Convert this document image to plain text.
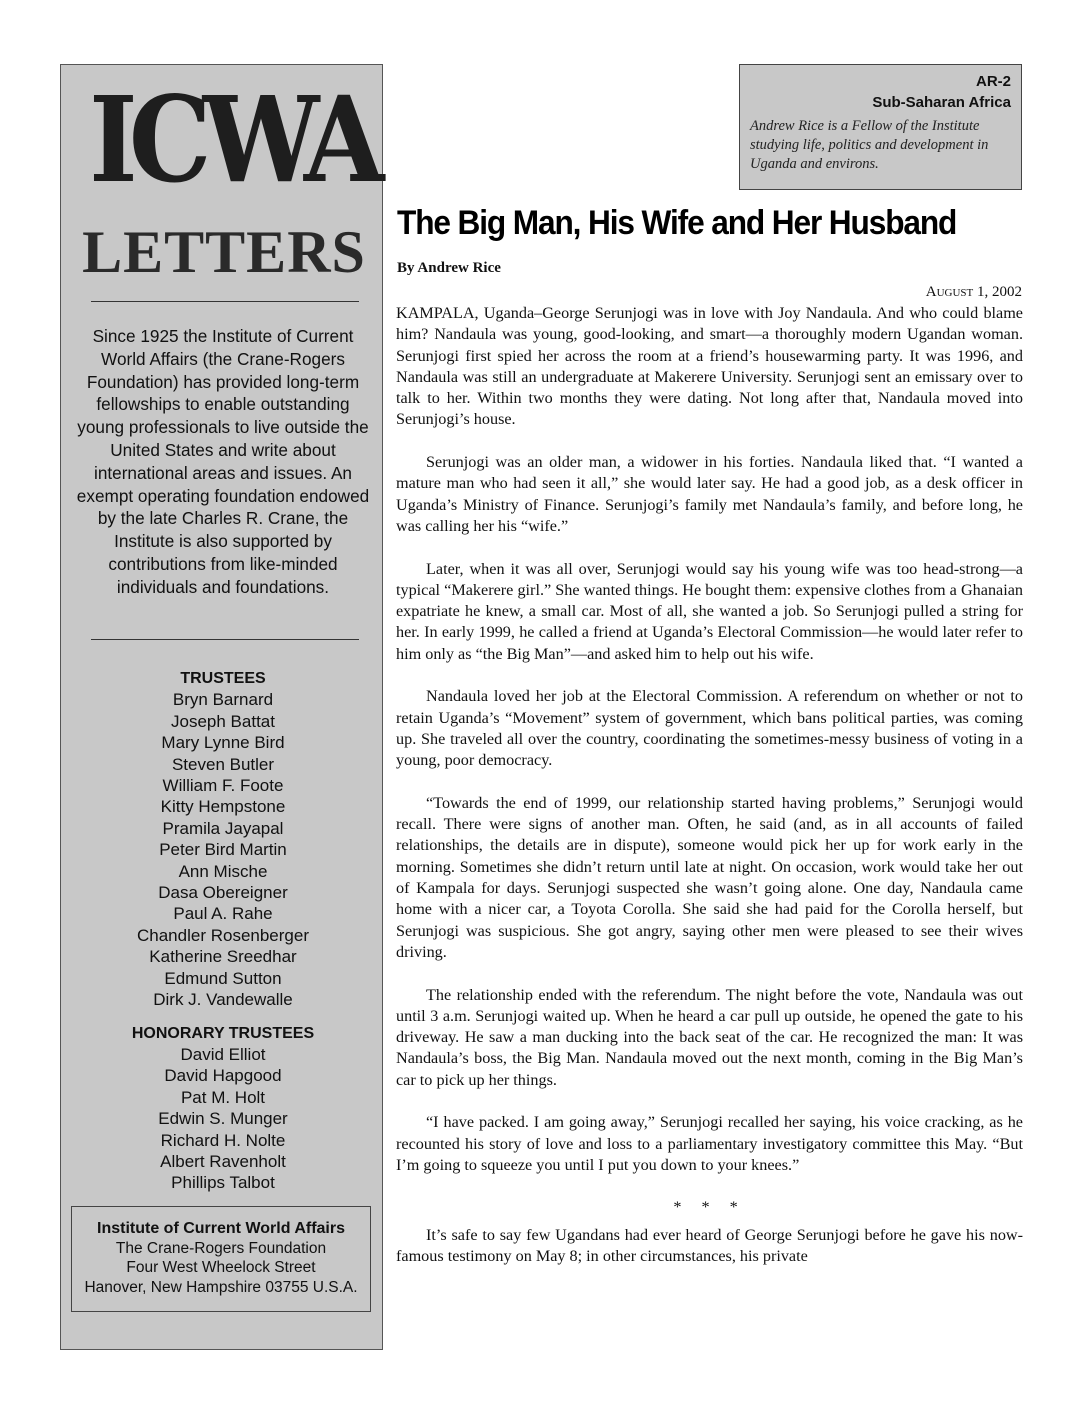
ICWA
LETTERS
Since 1925 the Institute of Current World Affairs (the Crane-Rogers Foundation) has provided long-term fellowships to enable outstanding young professionals to live outside the United States and write about international areas and issues. An exempt operating foundation endowed by the late Charles R. Crane, the Institute is also supported by contributions from like-minded individuals and foundations.
TRUSTEES
Bryn Barnard
Joseph Battat
Mary Lynne Bird
Steven Butler
William F. Foote
Kitty Hempstone
Pramila Jayapal
Peter Bird Martin
Ann Mische
Dasa Obereigner
Paul A. Rahe
Chandler Rosenberger
Katherine Sreedhar
Edmund Sutton
Dirk J. Vandewalle
HONORARY TRUSTEES
David Elliot
David Hapgood
Pat M. Holt
Edwin S. Munger
Richard H. Nolte
Albert Ravenholt
Phillips Talbot
Institute of Current World Affairs
The Crane-Rogers Foundation
Four West Wheelock Street
Hanover, New Hampshire 03755 U.S.A.
AR-2
Sub-Saharan Africa
Andrew Rice is a Fellow of the Institute studying life, politics and development in Uganda and environs.
The Big Man, His Wife and Her Husband
By Andrew Rice
August 1, 2002

KAMPALA, Uganda–George Serunjogi was in love with Joy Nandaula. And who could blame him? Nandaula was young, good-looking, and smart—a thoroughly modern Ugandan woman. Serunjogi first spied her across the room at a friend’s housewarming party. It was 1996, and Nandaula was still an undergraduate at Makerere University. Serunjogi sent an emissary over to talk to her. Within two months they were dating. Not long after that, Nandaula moved into Serunjogi’s house.

Serunjogi was an older man, a widower in his forties. Nandaula liked that. “I wanted a mature man who had seen it all,” she would later say. He had a good job, as a desk officer in Uganda’s Ministry of Finance. Serunjogi’s family met Nandaula’s family, and before long, he was calling her his “wife.”

Later, when it was all over, Serunjogi would say his young wife was too head-strong—a typical “Makerere girl.” She wanted things. He bought them: expensive clothes from a Ghanaian expatriate he knew, a small car. Most of all, she wanted a job. So Serunjogi pulled a string for her. In early 1999, he called a friend at Uganda’s Electoral Commission—he would later refer to him only as “the Big Man”—and asked him to help out his wife.

Nandaula loved her job at the Electoral Commission. A referendum on whether or not to retain Uganda’s “Movement” system of government, which bans political parties, was coming up. She traveled all over the country, coordinating the sometimes-messy business of voting in a young, poor democracy.

“Towards the end of 1999, our relationship started having problems,” Serunjogi would recall. There were signs of another man. Often, he said (and, as in all accounts of failed relationships, the details are in dispute), someone would pick her up for work early in the morning. Sometimes she didn’t return until late at night. On occasion, work would take her out of Kampala for days. Serunjogi suspected she wasn’t going alone. One day, Nandaula came home with a nicer car, a Toyota Corolla. She said she had paid for the Corolla herself, but Serunjogi was suspicious. She got angry, saying other men were pleased to see their wives driving.

The relationship ended with the referendum. The night before the vote, Nandaula was out until 3 a.m. Serunjogi waited up. When he heard a car pull up outside, he opened the gate to his driveway. He saw a man ducking into the back seat of the car. He recognized the man: It was Nandaula’s boss, the Big Man. Nandaula moved out the next month, coming in the Big Man’s car to pick up her things.

“I have packed. I am going away,” Serunjogi recalled her saying, his voice cracking, as he recounted his story of love and loss to a parliamentary investigatory committee this May. “But I’m going to squeeze you until I put you down to your knees.”

* * *

It’s safe to say few Ugandans had ever heard of George Serunjogi before he gave his now-famous testimony on May 8; in other circumstances, his private
